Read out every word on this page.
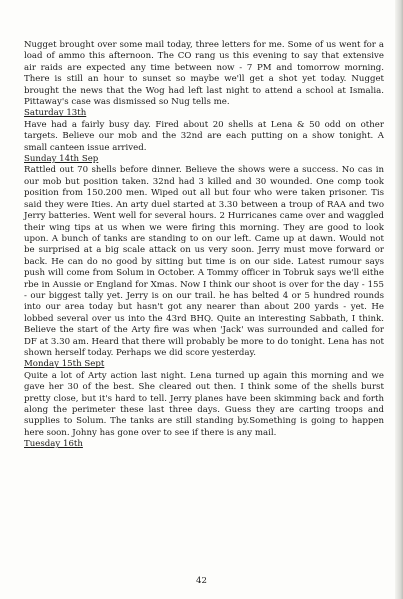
Nugget brought over some mail today, three letters for me. Some of us went for a load of ammo this afternoon. The CO rang us this evening to say that extensive air raids are expected any time between now - 7 PM and tomorrow morning. There is still an hour to sunset so maybe we'll get a shot yet today. Nugget brought the news that the Wog had left last night to attend a school at Ismalia. Pittaway's case was dismissed so Nug tells me.

Saturday 13th

Have had a fairly busy day. Fired about 20 shells at Lena & 50 odd on other targets. Believe our mob and the 32nd are each putting on a show tonight. A small canteen issue arrived.

Sunday 14th Sep

Rattled out 70 shells before dinner. Believe the shows were a success. No cas in our mob but position taken. 32nd had 3 killed and 30 wounded. One comp took position from 150.200 men. Wiped out all but four who were taken prisoner. Tis said they were Ities. An arty duel started at 3.30 between a troup of RAA and two Jerry batteries. Went well for several hours. 2 Hurricanes came over and waggled their wing tips at us when we were firing this morning. They are good to look upon. A bunch of tanks are standing to on our left. Came up at dawn. Would not be surprised at a big scale attack on us very soon. Jerry must move forward or back. He can do no good by sitting but time is on our side. Latest rumour says push will come from Solum in October. A Tommy officer in Tobruk says we'll eithe rbe in Aussie or England for Xmas. Now I think our shoot is over for the day - 155 - our biggest tally yet. Jerry is on our trail. he has belted 4 or 5 hundred rounds into our area today but hasn't got any nearer than about 200 yards - yet. He lobbed several over us into the 43rd BHQ. Quite an interesting Sabbath, I think. Believe the start of the Arty fire was when 'Jack' was surrounded and called for DF at 3.30 am. Heard that there will probably be more to do tonight. Lena has not shown herself today. Perhaps we did score yesterday.

Monday 15th Sept

Quite a lot of Arty action last night. Lena turned up again this morning and we gave her 30 of the best. She cleared out then. I think some of the shells burst pretty close, but it's hard to tell. Jerry planes have been skimming back and forth along the perimeter these last three days. Guess they are carting troops and supplies to Solum. The tanks are still standing by.Something is going to happen here soon. Johny has gone over to see if there is any mail.

Tuesday 16th

42
